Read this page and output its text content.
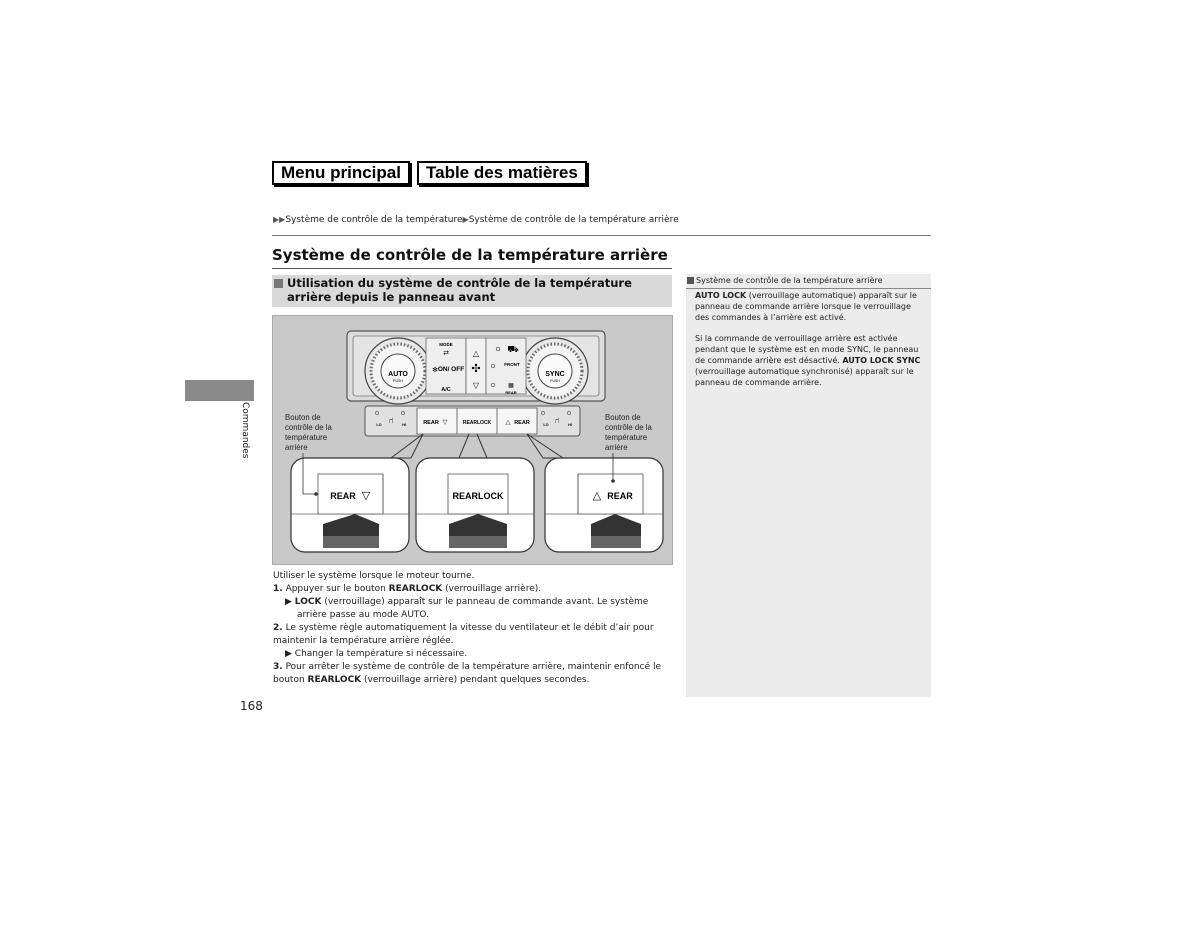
Menu principal	Table des matières
▶▶Système de contrôle de la température▶Système de contrôle de la température arrière
Système de contrôle de la température arrière
Commandes
Utilisation du système de contrôle de la température arrière depuis le panneau avant
AUTO
PUSH
SYNC
PUSH
MODE
⇄
ON/ OFF
✻
A/C
△
✣
▽
⛟
FRONT
▦
REAR
⑁
LO	HI	⑁
LO	HI
REAR ▽	REARLOCK △ REAR
Bouton de contrôle de la température arrière
Bouton de contrôle de la température arrière
REAR ▽	REARLOCK	△ REAR

Utiliser le système lorsque le moteur tourne.

1. Appuyer sur le bouton REARLOCK (verrouillage arrière).

▶ LOCK (verrouillage) apparaît sur le panneau de commande avant. Le système arrière passe au mode AUTO.

2. Le système règle automatiquement la vitesse du ventilateur et le débit d’air pour maintenir la température arrière réglée.

▶ Changer la température si nécessaire.

3. Pour arrêter le système de contrôle de la température arrière, maintenir enfoncé le bouton REARLOCK (verrouillage arrière) pendant quelques secondes.

168
Système de contrôle de la température arrière

AUTO LOCK (verrouillage automatique) apparaît sur le panneau de commande arrière lorsque le verrouillage des commandes à l’arrière est activé.

Si la commande de verrouillage arrière est activée pendant que le système est en mode SYNC, le panneau de commande arrière est désactivé. AUTO LOCK SYNC (verrouillage automatique synchronisé) apparaît sur le panneau de commande arrière.
